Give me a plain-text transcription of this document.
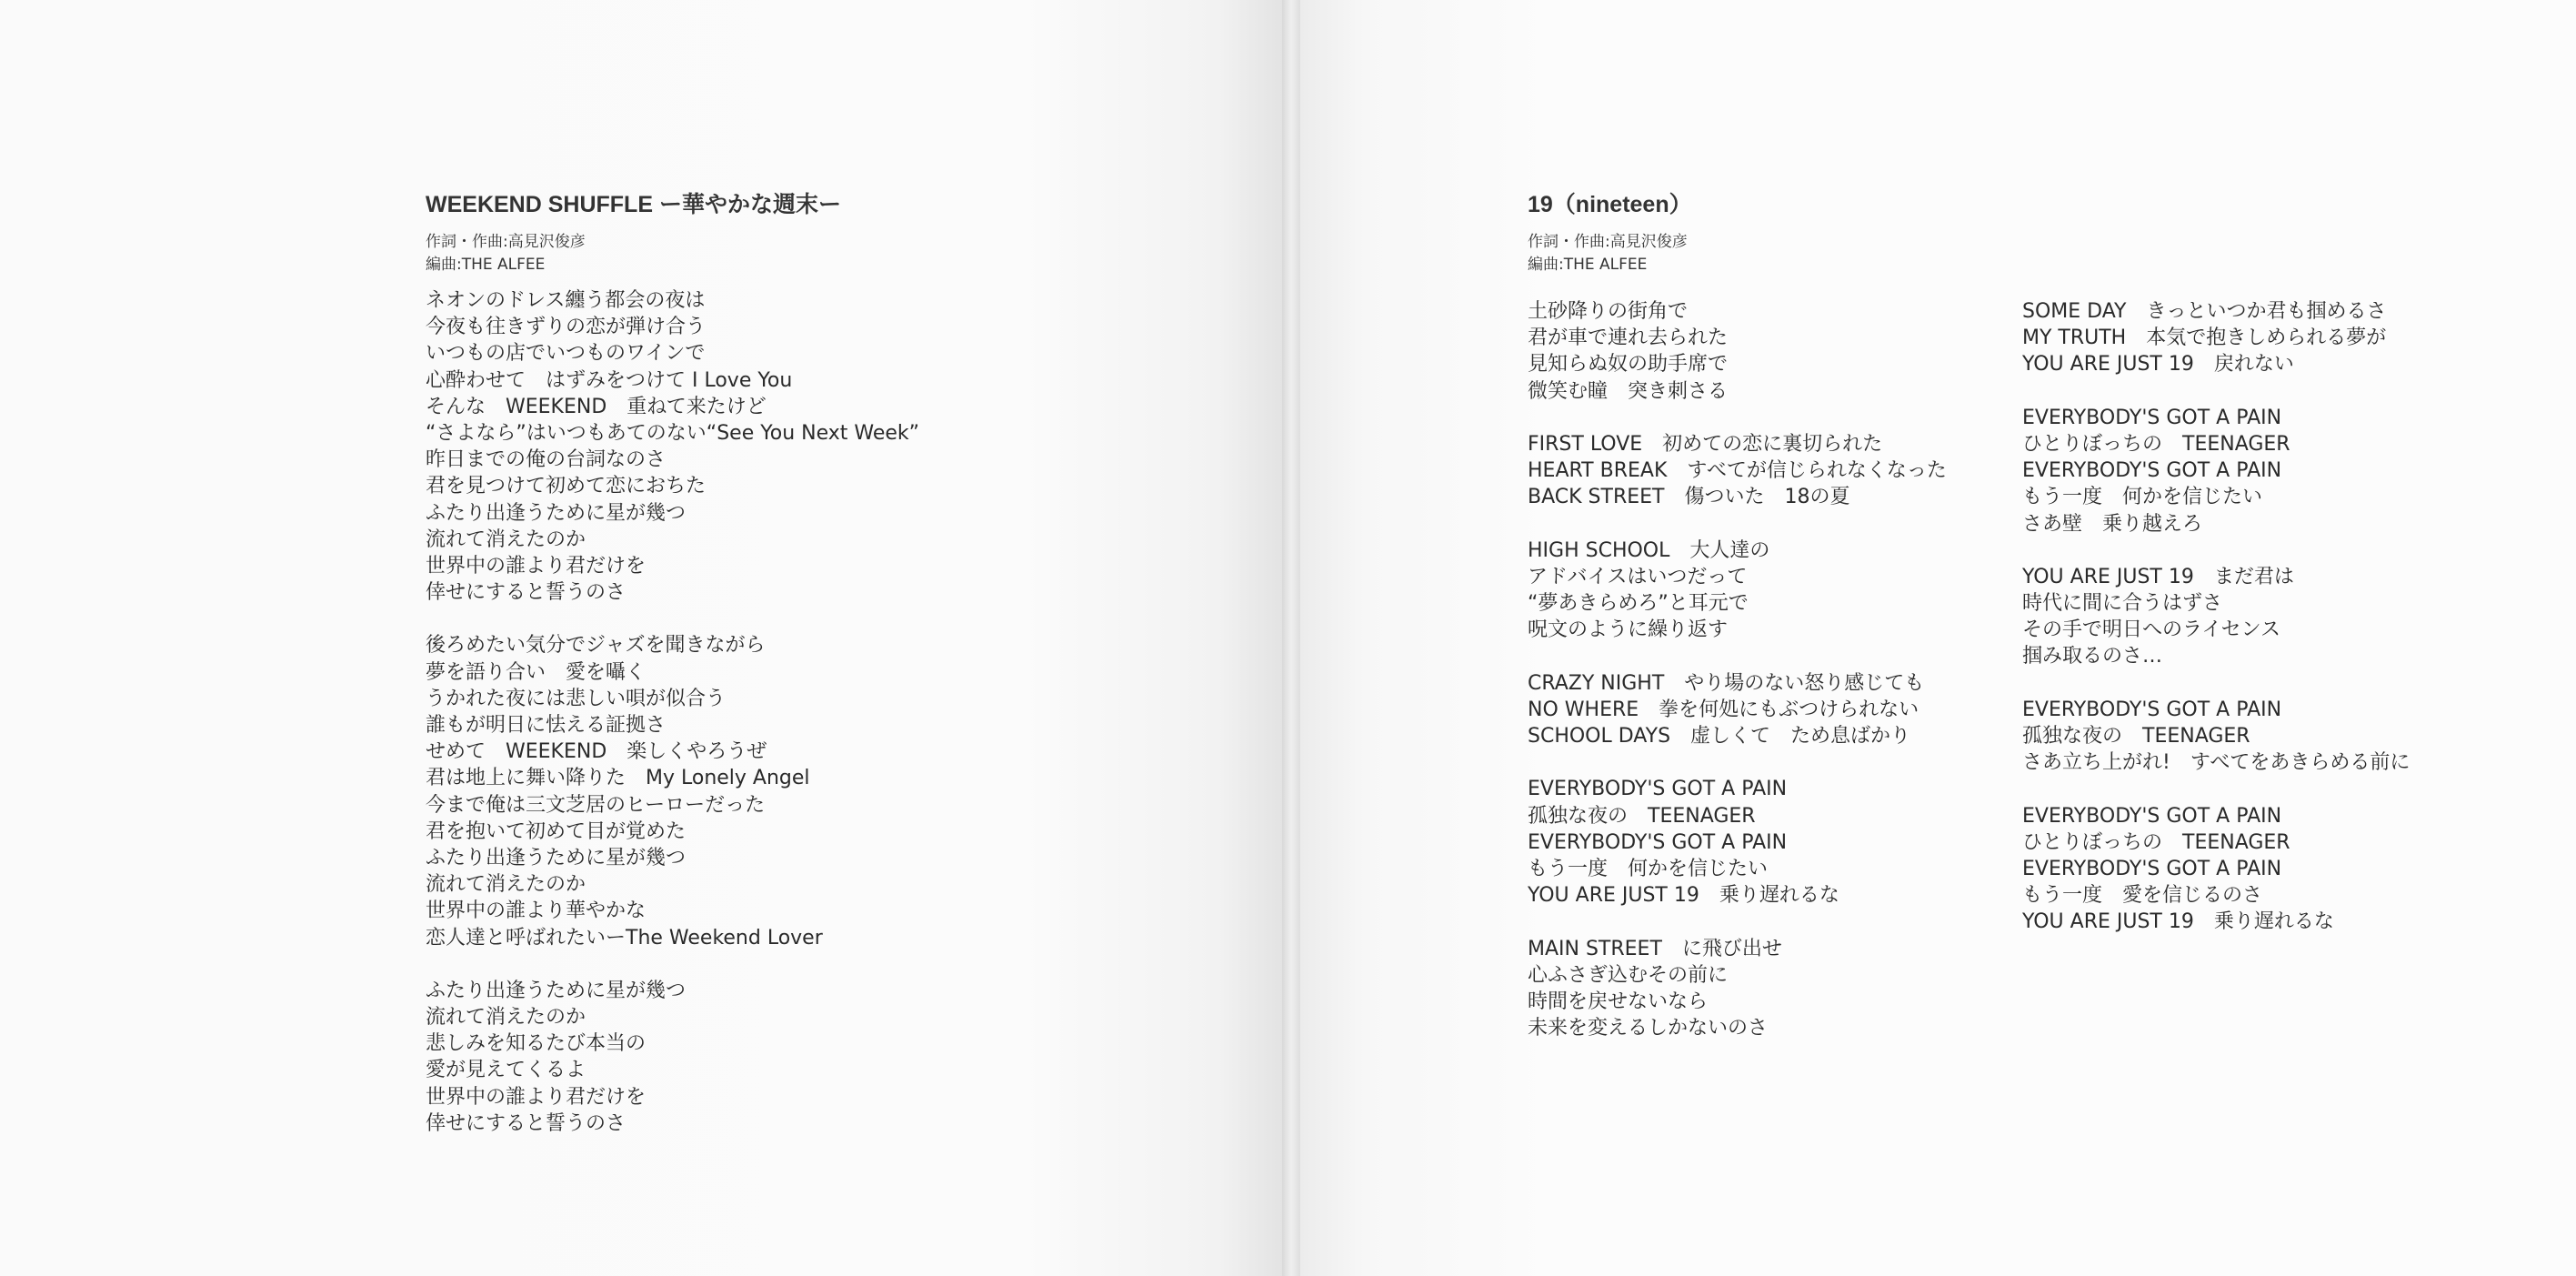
WEEKEND SHUFFLE ー華やかな週末ー
作詞・作曲:高見沢俊彦
編曲:THE ALFEE
ネオンのドレス纏う都会の夜は
今夜も往きずりの恋が弾け合う
いつもの店でいつものワインで
心酔わせて　はずみをつけて I Love You
そんな　WEEKEND　重ねて来たけど
“さよなら”はいつもあてのない“See You Next Week”
昨日までの俺の台詞なのさ
君を見つけて初めて恋におちた
ふたり出逢うために星が幾つ
流れて消えたのか
世界中の誰より君だけを
倖せにすると誓うのさ
後ろめたい気分でジャズを聞きながら
夢を語り合い　愛を囁く
うかれた夜には悲しい唄が似合う
誰もが明日に怯える証拠さ
せめて　WEEKEND　楽しくやろうぜ
君は地上に舞い降りた　My Lonely Angel
今まで俺は三文芝居のヒーローだった
君を抱いて初めて目が覚めた
ふたり出逢うために星が幾つ
流れて消えたのか
世界中の誰より華やかな
恋人達と呼ばれたいーThe Weekend Lover
ふたり出逢うために星が幾つ
流れて消えたのか
悲しみを知るたび本当の
愛が見えてくるよ
世界中の誰より君だけを
倖せにすると誓うのさ
19（nineteen）
作詞・作曲:高見沢俊彦
編曲:THE ALFEE
土砂降りの街角で
君が車で連れ去られた
見知らぬ奴の助手席で
微笑む瞳　突き刺さる
FIRST LOVE　初めての恋に裏切られた
HEART BREAK　すべてが信じられなくなった
BACK STREET　傷ついた　18の夏
HIGH SCHOOL　大人達の
アドバイスはいつだって
“夢あきらめろ”と耳元で
呪文のように繰り返す
CRAZY NIGHT　やり場のない怒り感じても
NO WHERE　拳を何処にもぶつけられない
SCHOOL DAYS　虚しくて　ため息ばかり
EVERYBODY'S GOT A PAIN
孤独な夜の　TEENAGER
EVERYBODY'S GOT A PAIN
もう一度　何かを信じたい
YOU ARE JUST 19　乗り遅れるな
MAIN STREET　に飛び出せ
心ふさぎ込むその前に
時間を戻せないなら
未来を変えるしかないのさ
SOME DAY　きっといつか君も掴めるさ
MY TRUTH　本気で抱きしめられる夢が
YOU ARE JUST 19　戻れない
EVERYBODY'S GOT A PAIN
ひとりぼっちの　TEENAGER
EVERYBODY'S GOT A PAIN
もう一度　何かを信じたい
さあ壁　乗り越えろ
YOU ARE JUST 19　まだ君は
時代に間に合うはずさ
その手で明日へのライセンス
掴み取るのさ…
EVERYBODY'S GOT A PAIN
孤独な夜の　TEENAGER
さあ立ち上がれ!　すべてをあきらめる前に
EVERYBODY'S GOT A PAIN
ひとりぼっちの　TEENAGER
EVERYBODY'S GOT A PAIN
もう一度　愛を信じるのさ
YOU ARE JUST 19　乗り遅れるな
